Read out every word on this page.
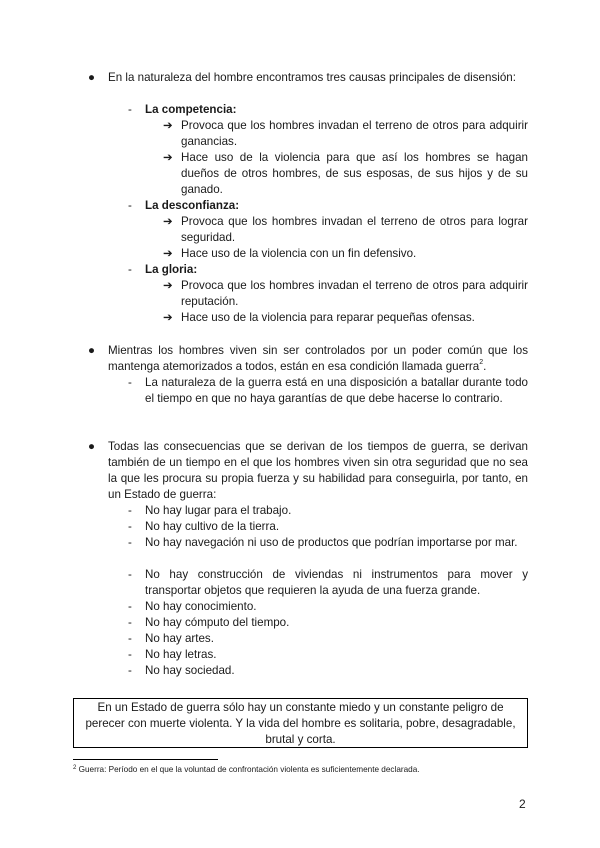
●	En la naturaleza del hombre encontramos tres causas principales de disensión:

-	La competencia:

➔ Provoca que los hombres invadan el terreno de otros para adquirir ganancias.

➔ Hace uso de la violencia para que así los hombres se hagan dueños de otros hombres, de sus esposas, de sus hijos y de su ganado.

-	La desconfianza:

➔ Provoca que los hombres invadan el terreno de otros para lograr seguridad.

➔ Hace uso de la violencia con un fin defensivo.

-	La gloria:

➔ Provoca que los hombres invadan el terreno de otros para adquirir reputación.

➔ Hace uso de la violencia para reparar pequeñas ofensas.

●	Mientras los hombres viven sin ser controlados por un poder común que los mantenga atemorizados a todos, están en esa condición llamada guerra$^2$.

-	La naturaleza de la guerra está en una disposición a batallar durante todo el tiempo en que no haya garantías de que debe hacerse lo contrario.

●	Todas las consecuencias que se derivan de los tiempos de guerra, se derivan también de un tiempo en el que los hombres viven sin otra seguridad que no sea la que les procura su propia fuerza y su habilidad para conseguirla, por tanto, en un Estado de guerra:

-	No hay lugar para el trabajo.

-	No hay cultivo de la tierra.

-	No hay navegación ni uso de productos que podrían importarse por mar.

-	No hay construcción de viviendas ni instrumentos para mover y transportar objetos que requieren la ayuda de una fuerza grande.

-	No hay conocimiento.

-	No hay cómputo del tiempo.

-	No hay artes.

-	No hay letras.

-	No hay sociedad.

En un Estado de guerra sólo hay un constante miedo y un constante peligro de perecer con muerte violenta. Y la vida del hombre es solitaria, pobre, desagradable, brutal y corta.
$^2$ Guerra: Período en el que la voluntad de confrontación violenta es suficientemente declarada.
2
